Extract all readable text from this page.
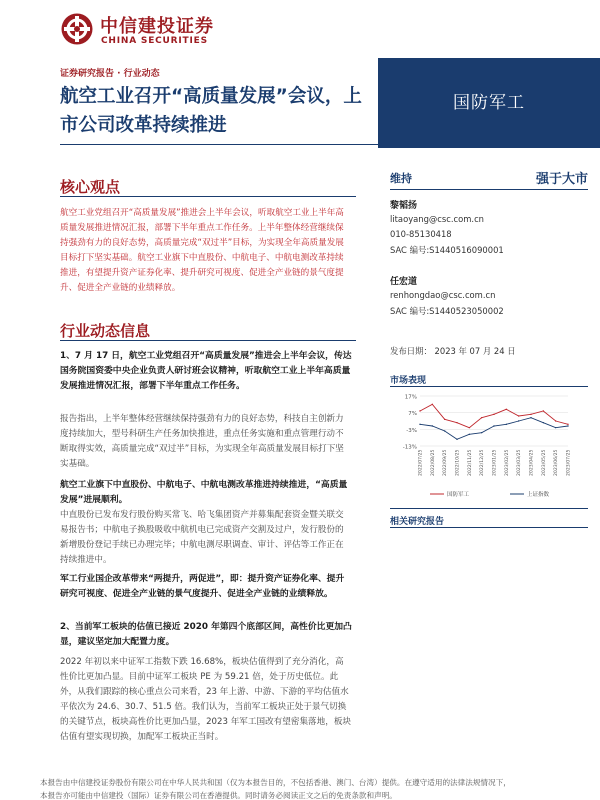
中信建投证券
CHINA SECURITIES
证券研究报告 · 行业动态
航空工业召开“高质量发展”会议，上市公司改革持续推进
国防军工
核心观点
航空工业党组召开“高质量发展”推进会上半年会议，听取航空工业上半年高质量发展推进情况汇报，部署下半年重点工作任务。上半年整体经营继续保持强劲有力的良好态势，高质量完成“双过半”目标，为实现全年高质量发展目标打下坚实基础。航空工业旗下中直股份、中航电子、中航电测改革持续推进，有望提升资产证券化率、提升研究可视度、促进全产业链的景气度提升、促进全产业链的业绩释放。
行业动态信息
1、7 月 17 日，航空工业党组召开“高质量发展”推进会上半年会议，传达国务院国资委中央企业负责人研讨班会议精神，听取航空工业上半年高质量发展推进情况汇报，部署下半年重点工作任务。
报告指出，上半年整体经营继续保持强劲有力的良好态势，科技自主创新力度持续加大，型号科研生产任务加快推进，重点任务实施和重点管理行动不断取得实效，高质量完成“双过半”目标，为实现全年高质量发展目标打下坚实基础。
航空工业旗下中直股份、中航电子、中航电测改革推进持续推进，“高质量发展”进展顺利。
中直股份已发布发行股份购买常飞、哈飞集团资产并募集配套资金暨关联交易报告书；中航电子换股吸收中航机电已完成资产交割及过户，发行股份的新增股份登记手续已办理完毕；中航电测尽职调查、审计、评估等工作正在持续推进中。
军工行业国企改革带来“两提升，两促进”，即：提升资产证券化率、提升研究可视度、促进全产业链的景气度提升、促进全产业链的业绩释放。
2、当前军工板块的估值已接近 2020 年第四个底部区间，高性价比更加凸显，建议坚定加大配置力度。
2022 年初以来中证军工指数下跌 16.68%，板块估值得到了充分消化，高性价比更加凸显。目前中证军工板块 PE 为 59.21 倍，处于历史低位。此外，从我们跟踪的核心重点公司来看，23 年上游、中游、下游的平均估值水平依次为 24.6、30.7、51.5 倍。我们认为，当前军工板块正处于景气切换的关键节点，板块高性价比更加凸显，2023 年军工国改有望密集落地，板块估值有望实现切换，加配军工板块正当时。
维持	强于大市
黎韬扬
litaoyang@csc.com.cn
010-85130418
SAC 编号:S1440516090001
任宏道
renhongdao@csc.com.cn
SAC 编号:S1440523050002
发布日期： 2023 年 07 月 24 日
市场表现
17%
7%
-3%
-13%
2022/07/25 2022/08/25 2022/09/25 2022/10/25 2022/11/25 2022/12/25 2023/01/25 2023/02/25 2023/03/25 2023/04/25 2023/05/25 2023/06/25 2023/07/25
国防军工	上证指数
相关研究报告
本报告由中信建投证券股份有限公司在中华人民共和国（仅为本报告目的，不包括香港、澳门、台湾）提供。在遵守适用的法律法规情况下，
本报告亦可能由中信建投（国际）证券有限公司在香港提供。同时请务必阅读正文之后的免责条款和声明。
